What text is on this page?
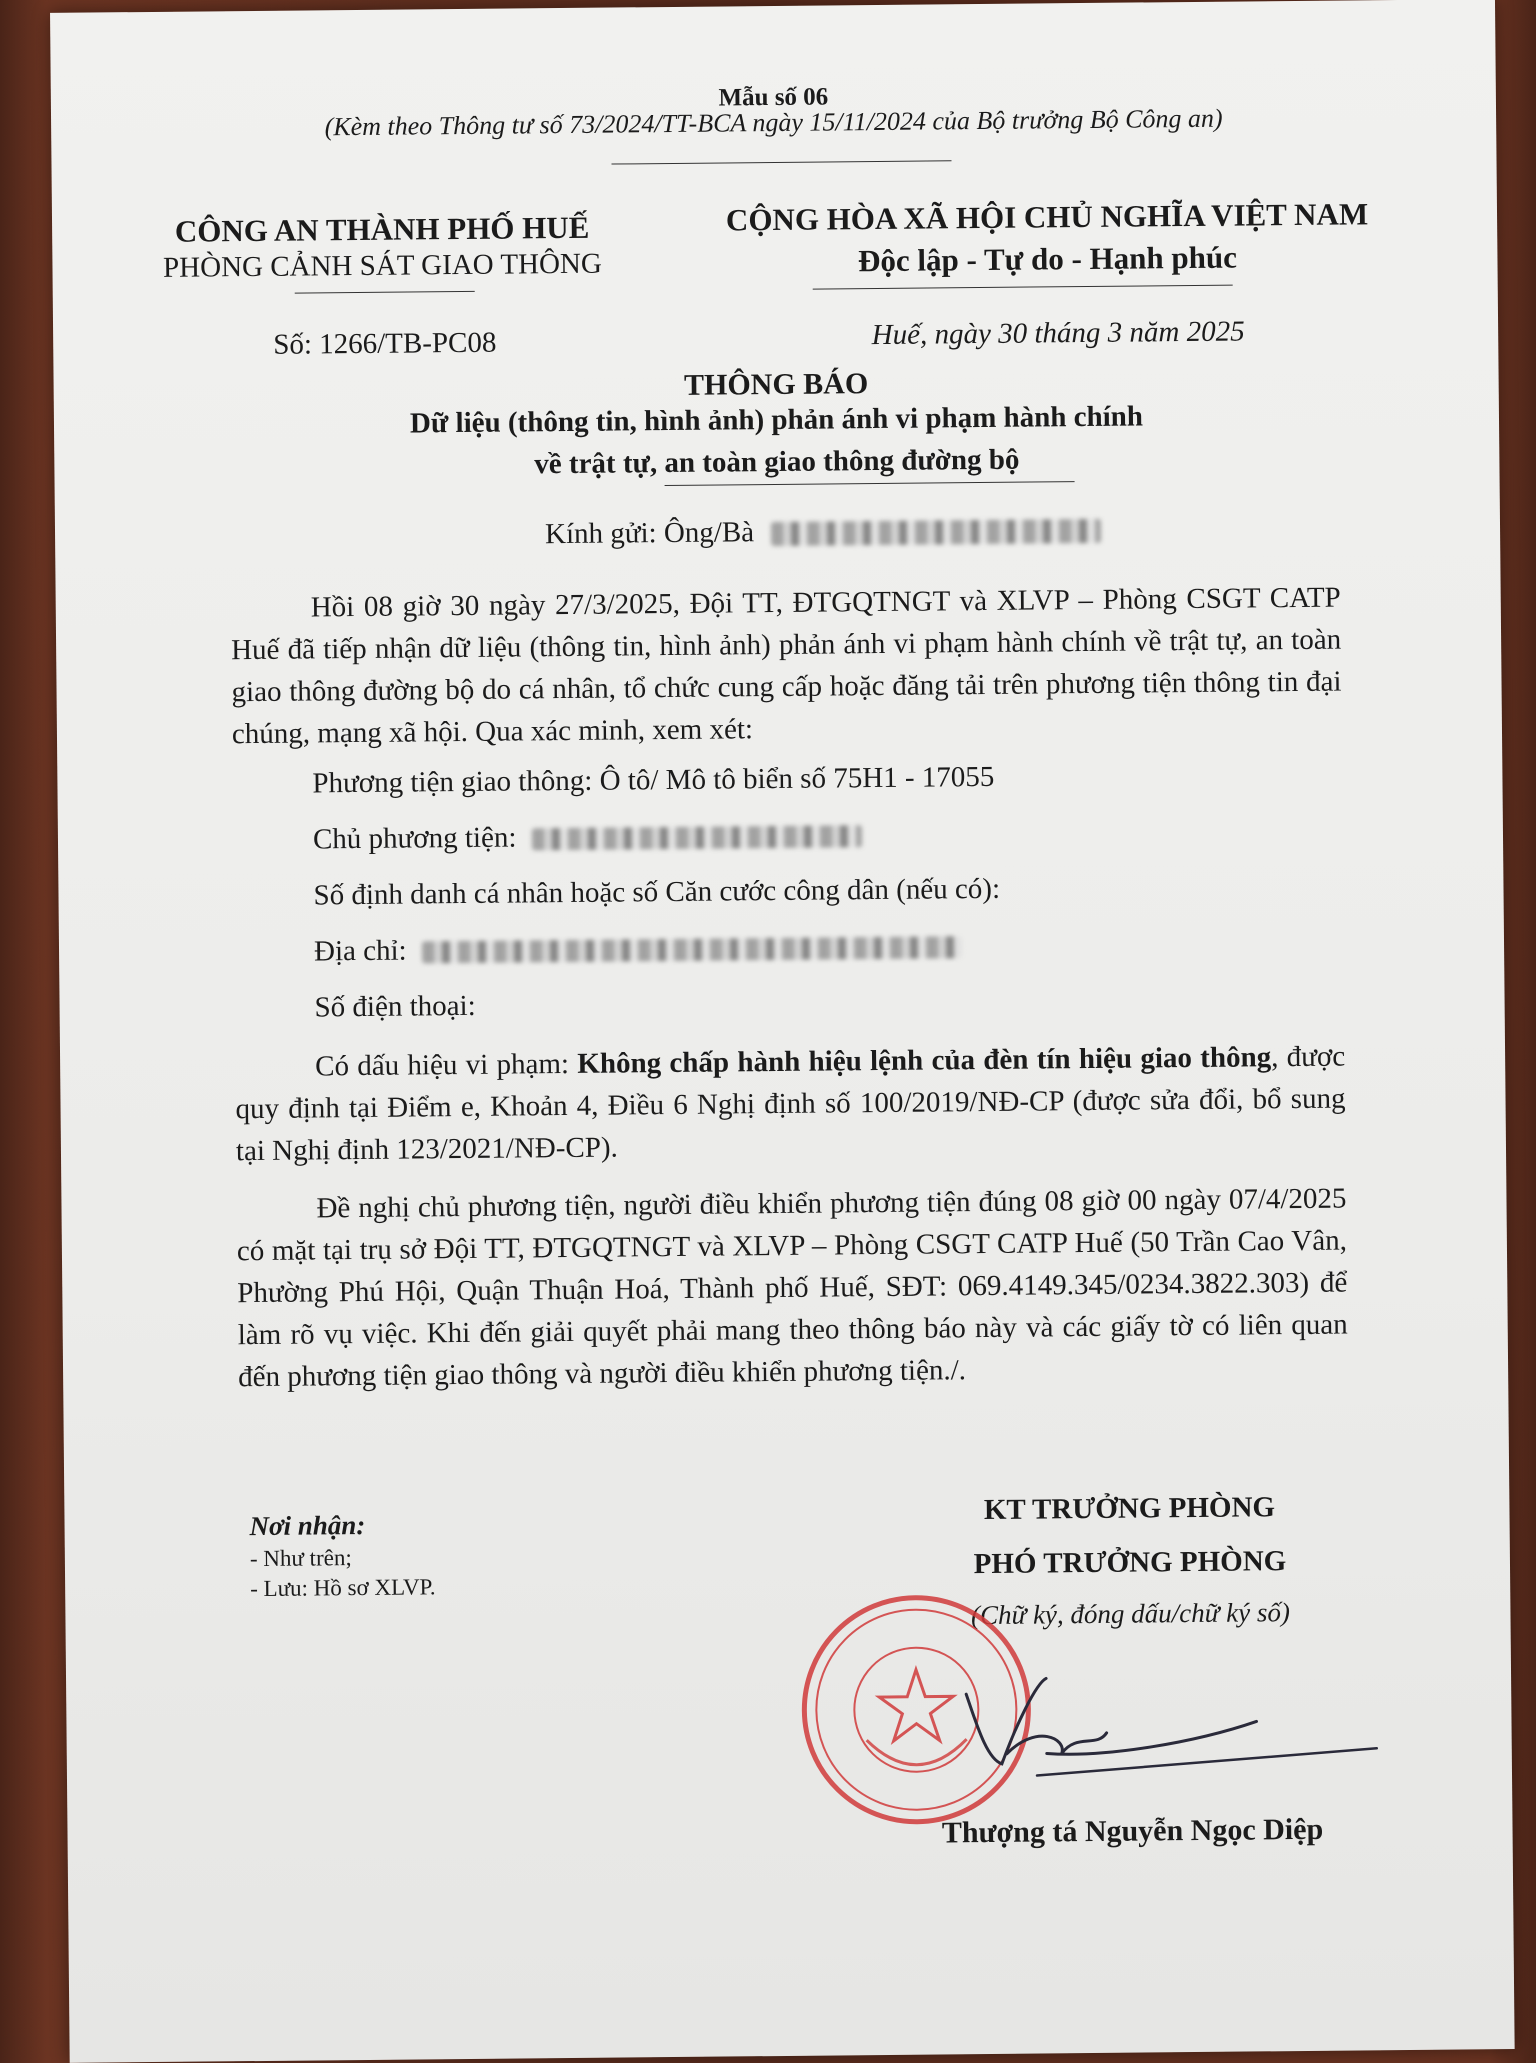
Mẫu số 06
(Kèm theo Thông tư số 73/2024/TT-BCA ngày 15/11/2024 của Bộ trưởng Bộ Công an)
CÔNG AN THÀNH PHỐ HUẾ
PHÒNG CẢNH SÁT GIAO THÔNG
CỘNG HÒA XÃ HỘI CHỦ NGHĨA VIỆT NAM
Độc lập - Tự do - Hạnh phúc
Số: 1266/TB-PC08	Huế, ngày 30 tháng 3 năm 2025
THÔNG BÁO
Dữ liệu (thông tin, hình ảnh) phản ánh vi phạm hành chính
về trật tự, an toàn giao thông đường bộ
Kính gửi: Ông/Bà
Hồi 08 giờ 30 ngày 27/3/2025, Đội TT, ĐTGQTNGT và XLVP – Phòng CSGT CATP Huế đã tiếp nhận dữ liệu (thông tin, hình ảnh) phản ánh vi phạm hành chính về trật tự, an toàn giao thông đường bộ do cá nhân, tổ chức cung cấp hoặc đăng tải trên phương tiện thông tin đại chúng, mạng xã hội. Qua xác minh, xem xét:
Phương tiện giao thông: Ô tô/ Mô tô biển số 75H1 - 17055
Chủ phương tiện:
Số định danh cá nhân hoặc số Căn cước công dân (nếu có):
Địa chỉ:
Số điện thoại:
Có dấu hiệu vi phạm: Không chấp hành hiệu lệnh của đèn tín hiệu giao thông, được quy định tại Điểm e, Khoản 4, Điều 6 Nghị định số 100/2019/NĐ-CP (được sửa đổi, bổ sung tại Nghị định 123/2021/NĐ-CP).
Đề nghị chủ phương tiện, người điều khiển phương tiện đúng 08 giờ 00 ngày 07/4/2025 có mặt tại trụ sở Đội TT, ĐTGQTNGT và XLVP – Phòng CSGT CATP Huế (50 Trần Cao Vân, Phường Phú Hội, Quận Thuận Hoá, Thành phố Huế, SĐT: 069.4149.345/0234.3822.303) để làm rõ vụ việc. Khi đến giải quyết phải mang theo thông báo này và các giấy tờ có liên quan đến phương tiện giao thông và người điều khiển phương tiện./.
Nơi nhận:
- Như trên;
- Lưu: Hồ sơ XLVP.
KT TRƯỞNG PHÒNG
PHÓ TRƯỞNG PHÒNG
(Chữ ký, đóng dấu/chữ ký số)
Thượng tá Nguyễn Ngọc Diệp
